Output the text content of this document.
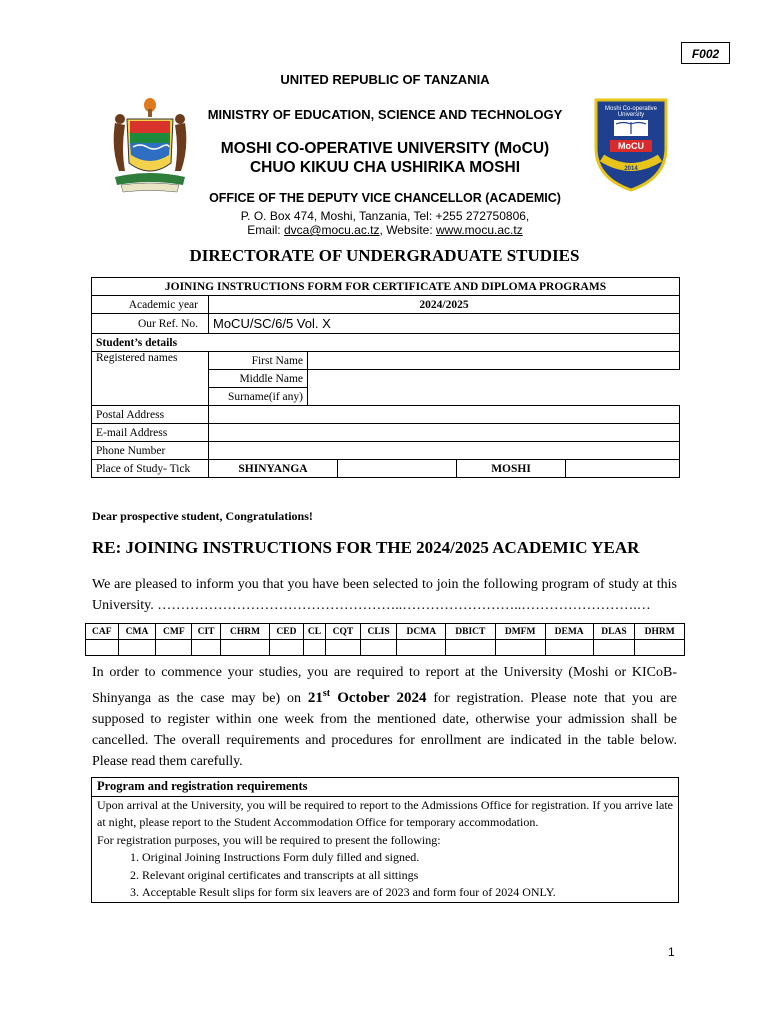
F002
Moshi Co-operative University
MoCU
2014
UNITED REPUBLIC OF TANZANIA
MINISTRY OF EDUCATION, SCIENCE AND TECHNOLOGY
MOSHI CO-OPERATIVE UNIVERSITY (MoCU)
CHUO KIKUU CHA USHIRIKA MOSHI
OFFICE OF THE DEPUTY VICE CHANCELLOR (ACADEMIC)
P. O. Box 474, Moshi, Tanzania, Tel: +255 272750806,
Email: dvca@mocu.ac.tz, Website: www.mocu.ac.tz
DIRECTORATE OF UNDERGRADUATE STUDIES
JOINING INSTRUCTIONS FORM FOR CERTIFICATE AND DIPLOMA PROGRAMS					
Academic year	2024/2025				
Our Ref. No.	MoCU/SC/6/5 Vol. X				
Student’s details					
Registered names	First Name				
	Middle Name				
	Surname(if any)				
Postal Address					
E-mail Address					
Phone Number					
Place of Study- Tick	SHINYANGA			MOSHI	
Dear prospective student, Congratulations!
RE: JOINING INSTRUCTIONS FOR THE 2024/2025 ACADEMIC YEAR
We are pleased to inform you that you have been selected to join the following program of study at this
University. ……………………………………………..……………………..…………………….…
CAF	CMA	CMF	CIT	CHRM	CED	CL	CQT	CLIS	DCMA	DBICT	DMFM	DEMA	DLAS	DHRM

In order to commence your studies, you are required to report at the University (Moshi or KICoB-Shinyanga as the case may be) on 21st October 2024 for registration. Please note that you are supposed to register within one week from the mentioned date, otherwise your admission shall be cancelled. The overall requirements and procedures for enrollment are indicated in the table below. Please read them carefully.
Program and registration requirements

Upon arrival at the University, you will be required to report to the Admissions Office for registration. If you arrive late at night, please report to the Student Accommodation Office for temporary accommodation.
For registration purposes, you will be required to present the following:
1. Original Joining Instructions Form duly filled and signed.
2. Relevant original certificates and transcripts at all sittings
3. Acceptable Result slips for form six leavers are of 2023 and form four of 2024 ONLY.
1
